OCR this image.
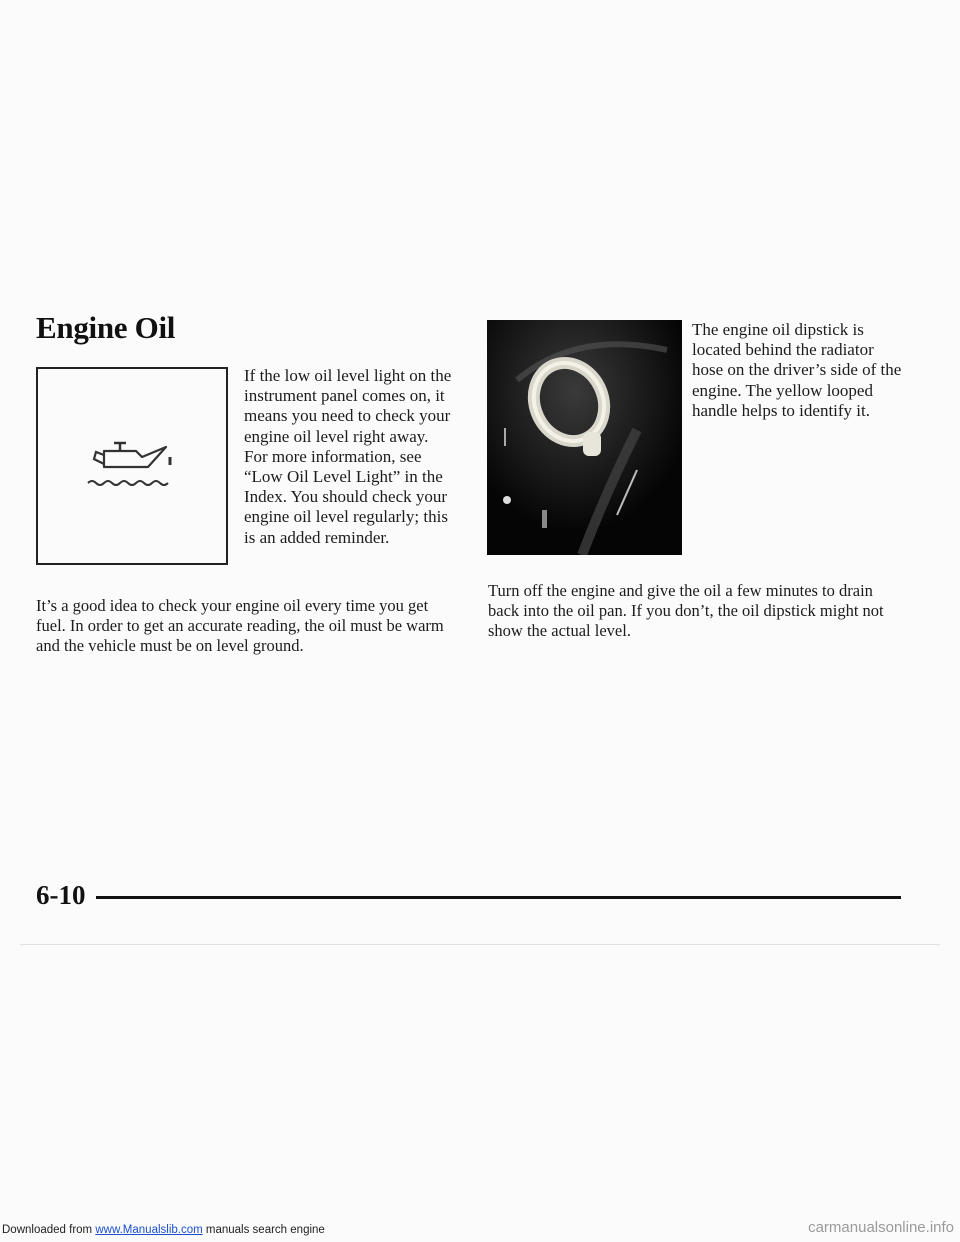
Engine Oil

If the low oil level light on the instrument panel comes on, it means you need to check your engine oil level right away. For more information, see “Low Oil Level Light” in the Index. You should check your engine oil level regularly; this is an added reminder.

It’s a good idea to check your engine oil every time you get fuel. In order to get an accurate reading, the oil must be warm and the vehicle must be on level ground.

The engine oil dipstick is located behind the radiator hose on the driver’s side of the engine. The yellow looped handle helps to identify it.

Turn off the engine and give the oil a few minutes to drain back into the oil pan. If you don’t, the oil dipstick might not show the actual level.

6-10

Downloaded from www.Manualslib.com manuals search engine	carmanualsonline.info
